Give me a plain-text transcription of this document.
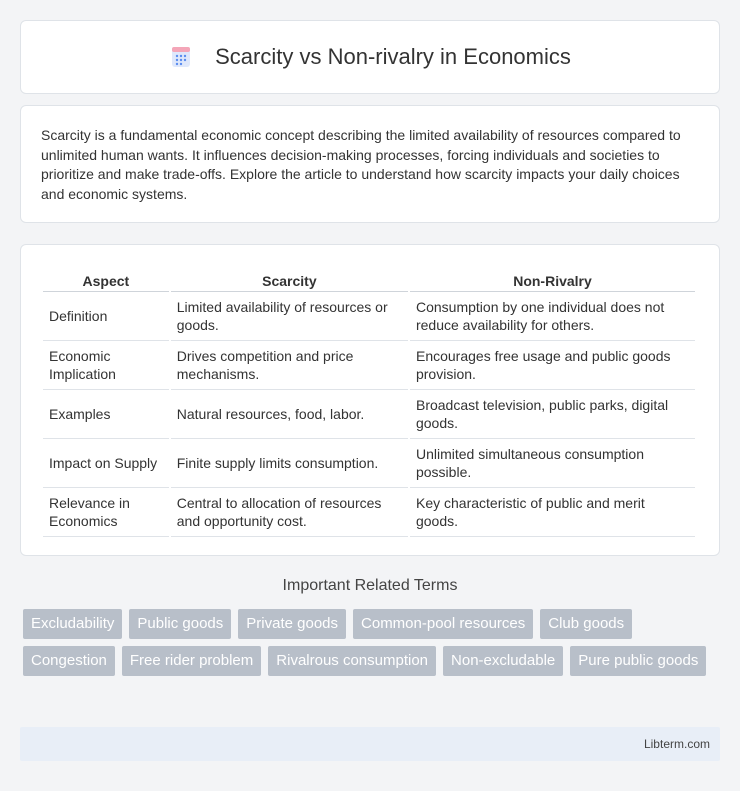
Scarcity vs Non-rivalry in Economics

Scarcity is a fundamental economic concept describing the limited availability of resources compared to unlimited human wants. It influences decision-making processes, forcing individuals and societies to prioritize and make trade-offs. Explore the article to understand how scarcity impacts your daily choices and economic systems.

Aspect	Scarcity	Non-Rivalry
Definition	Limited availability of resources or goods.	Consumption by one individual does not reduce availability for others.
Economic Implication	Drives competition and price mechanisms.	Encourages free usage and public goods provision.
Examples	Natural resources, food, labor.	Broadcast television, public parks, digital goods.
Impact on Supply	Finite supply limits consumption.	Unlimited simultaneous consumption possible.
Relevance in Economics	Central to allocation of resources and opportunity cost.	Key characteristic of public and merit goods.
Important Related Terms
Excludability	Public goods	Private goods	Common-pool resources	Club goods
Congestion	Free rider problem	Rivalrous consumption	Non-excludable	Pure public goods
Libterm.com
